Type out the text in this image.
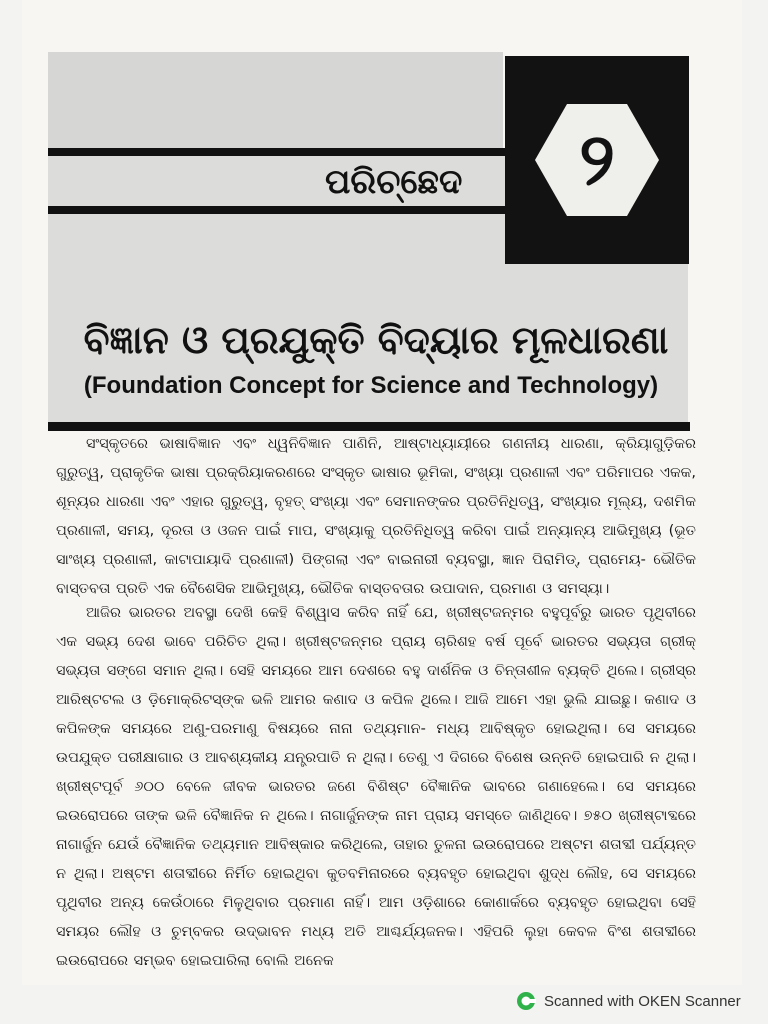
ପରିଚ୍ଛେଦ	୨
ବିଜ୍ଞାନ ଓ ପ୍ରଯୁକ୍ତି ବିଦ୍ୟାର ମୂଳଧାରଣା
(Foundation Concept for Science and Technology)

ସଂସ୍କୃତରେ ଭାଷାବିଜ୍ଞାନ ଏବଂ ଧ୍ୱନିବିଜ୍ଞାନ ପାଣିନି, ଆଷ୍ଟାଧ୍ୟାୟୀରେ ଗଣନୀୟ ଧାରଣା, କ୍ରିୟାଗୁଡ଼ିକର ଗୁରୁତ୍ୱ, ପ୍ରାକୃତିକ ଭାଷା ପ୍ରକ୍ରିୟାକରଣରେ ସଂସ୍କୃତ ଭାଷାର ଭୂମିକା, ସଂଖ୍ୟା ପ୍ରଣାଳୀ ଏବଂ ପରିମାପର ଏକକ, ଶୂନ୍ୟର ଧାରଣା ଏବଂ ଏହାର ଗୁରୁତ୍ୱ, ବୃହତ୍ ସଂଖ୍ୟା ଏବଂ ସେମାନଙ୍କର ପ୍ରତିନିଧିତ୍ୱ, ସଂଖ୍ୟାର ମୂଲ୍ୟ, ଦଶମିକ ପ୍ରଣାଳୀ, ସମୟ, ଦୂରତା ଓ ଓଜନ ପାଇଁ ମାପ, ସଂଖ୍ୟାକୁ ପ୍ରତିନିଧିତ୍ୱ କରିବା ପାଇଁ ଅନ୍ୟାନ୍ୟ ଆଭିମୁଖ୍ୟ (ଭୂତ ସାଂଖ୍ୟ ପ୍ରଣାଳୀ, କାଟାପାୟାଦି ପ୍ରଣାଳୀ) ପିଙ୍ଗଲା ଏବଂ ବାଇନାରୀ ବ୍ୟବସ୍ଥା, ଜ୍ଞାନ ପିରାମିଡ୍, ପ୍ରାମେୟ- ଭୌତିକ ବାସ୍ତବତା ପ୍ରତି ଏକ ବୈଶେସିକ ଆଭିମୁଖ୍ୟ, ଭୌତିକ ବାସ୍ତବତାର ଉପାଦାନ, ପ୍ରମାଣ ଓ ସମସ୍ୟା।

ଆଜିର ଭାରତର ଅବସ୍ଥା ଦେଖି କେହି ବିଶ୍ୱାସ କରିବ ନାହିଁ ଯେ, ଖ୍ରୀଷ୍ଟଜନ୍ମର ବହୁପୂର୍ବରୁ ଭାରତ ପୃଥିବୀରେ ଏକ ସଭ୍ୟ ଦେଶ ଭାବେ ପରିଚିତ ଥିଲା। ଖ୍ରୀଷ୍ଟଜନ୍ମର ପ୍ରାୟ ଚାରିଶହ ବର୍ଷ ପୂର୍ବେ ଭାରତର ସଭ୍ୟତା ଗ୍ରୀକ୍ ସଭ୍ୟତା ସଙ୍ଗେ ସମାନ ଥିଲା। ସେହି ସମୟରେ ଆମ ଦେଶରେ ବହୁ ଦାର୍ଶନିକ ଓ ଚିନ୍ତାଶୀଳ ବ୍ୟକ୍ତି ଥିଲେ। ଗ୍ରୀସ୍‌ର ଆରିଷ୍ଟଟଲ ଓ ଡ଼ିମୋକ୍ରିଟସ୍‌ଙ୍କ ଭଳି ଆମର କଣାଦ ଓ କପିଳ ଥିଲେ। ଆଜି ଆମେ ଏହା ଭୁଲି ଯାଇଛୁ। କଣାଦ ଓ କପିଳଙ୍କ ସମୟରେ ଅଣୁ-ପରମାଣୁ ବିଷୟରେ ନାନା ତଥ୍ୟମାନ- ମଧ୍ୟ ଆବିଷ୍କୃତ ହୋଇଥିଲା। ସେ ସମୟରେ ଉପଯୁକ୍ତ ପରୀକ୍ଷାଗାର ଓ ଆବଶ୍ୟକୀୟ ଯନ୍ତ୍ରପାତି ନ ଥିଲା। ତେଣୁ ଏ ଦିଗରେ ବିଶେଷ ଉନ୍ନତି ହୋଇପାରି ନ ଥିଲା। ଖ୍ରୀଷ୍ଟପୂର୍ବ ୬୦୦ ବେଳେ ଜୀବକ ଭାରତର ଜଣେ ବିଶିଷ୍ଟ ବୈଜ୍ଞାନିକ ଭାବରେ ଗଣାହେଲେ। ସେ ସମୟରେ ଇଉରୋପରେ ତାଙ୍କ ଭଳି ବୈଜ୍ଞାନିକ ନ ଥିଲେ। ନାଗାର୍ଜୁନଙ୍କ ନାମ ପ୍ରାୟ ସମସ୍ତେ ଜାଣିଥିବେ। ୭୫୦ ଖ୍ରୀଷ୍ଟାବ୍ଦରେ ନାଗାର୍ଜୁନ ଯେଉଁ ବୈଜ୍ଞାନିକ ତଥ୍ୟମାନ ଆବିଷ୍କାର କରିଥିଲେ, ତାହାର ତୁଳନା ଇଉରୋପରେ ଅଷ୍ଟମ ଶତାବ୍ଦୀ ପର୍ଯ୍ୟନ୍ତ ନ ଥିଲା। ଅଷ୍ଟମ ଶତାବ୍ଦୀରେ ନିର୍ମିତ ହୋଇଥିବା କୁତବମିନାରରେ ବ୍ୟବହୃତ ହୋଇଥିବା ଶୁଦ୍ଧ ଲୌହ, ସେ ସମୟରେ ପୃଥିବୀର ଅନ୍ୟ କେଉଁଠାରେ ମିଳୁଥିବାର ପ୍ରମାଣ ନାହିଁ। ଆମ ଓଡ଼ିଶାରେ କୋଣାର୍କରେ ବ୍ୟବହୃତ ହୋଇଥିବା ସେହି ସମୟର ଲୌହ ଓ ଚୁମ୍ବକର ଉଦ୍ଭାବନ ମଧ୍ୟ ଅତି ଆଶ୍ଚର୍ଯ୍ୟଜନକ। ଏହିପରି ଲୁହା କେବଳ ବିଂଶ ଶତାବ୍ଦୀରେ ଇଉରୋପରେ ସମ୍ଭବ ହୋଇପାରିଲା ବୋଲି ଅନେକ

Scanned with OKEN Scanner
